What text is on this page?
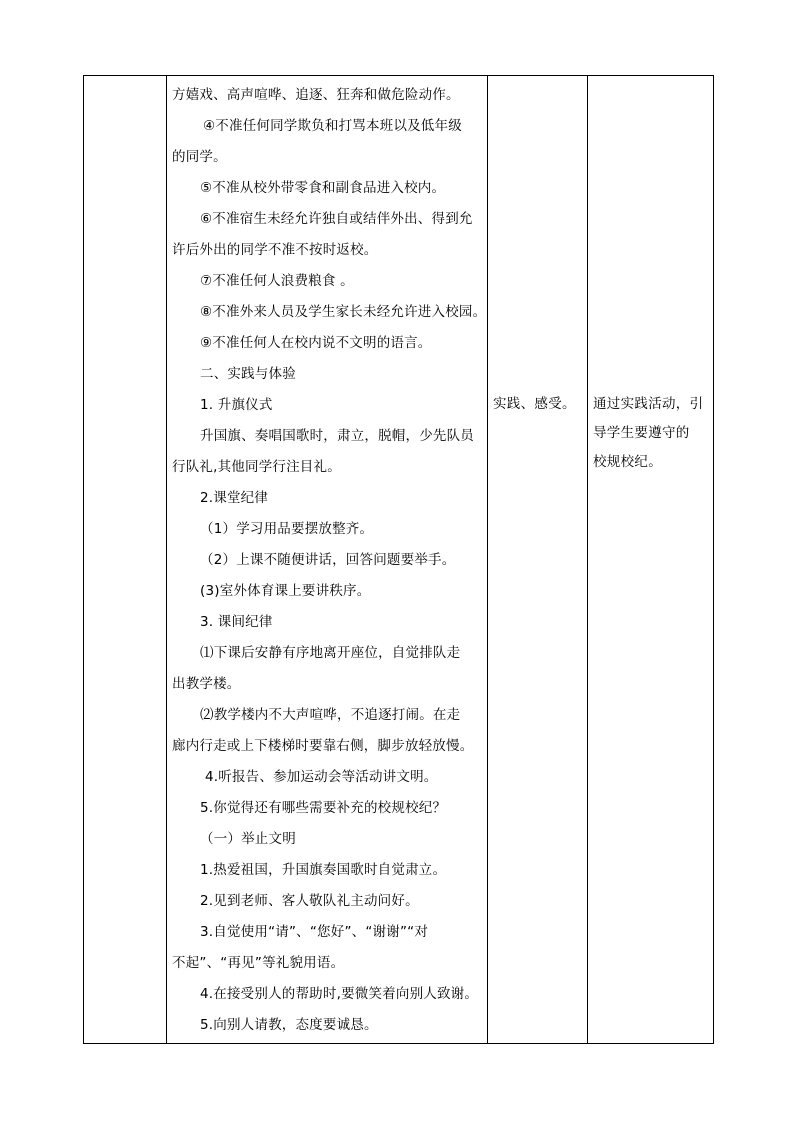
方嬉戏、高声喧哗、追逐、狂奔和做危险动作。
④不准任何同学欺负和打骂本班以及低年级
的同学。
⑤不准从校外带零食和副食品进入校内。
⑥不准宿生未经允许独自或结伴外出、得到允
许后外出的同学不准不按时返校。
⑦不准任何人浪费粮食 。
⑧不准外来人员及学生家长未经允许进入校园。
⑨不准任何人在校内说不文明的语言。
二、实践与体验
1. 升旗仪式
升国旗、奏唱国歌时，肃立，脱帽，少先队员
行队礼,其他同学行注目礼。
2.课堂纪律
（1）学习用品要摆放整齐。
（2）上课不随便讲话，回答问题要举手。
(3)室外体育课上要讲秩序。
3. 课间纪律
⑴下课后安静有序地离开座位，自觉排队走
出教学楼。
⑵教学楼内不大声喧哗，不追逐打闹。在走
廊内行走或上下楼梯时要靠右侧，脚步放轻放慢。
4.听报告、参加运动会等活动讲文明。
5.你觉得还有哪些需要补充的校规校纪？
（一）举止文明
1.热爱祖国，升国旗奏国歌时自觉肃立。
2.见到老师、客人敬队礼主动问好。
3.自觉使用“请”、“您好”、“谢谢”“对
不起”、“再见”等礼貌用语。
4.在接受别人的帮助时,要微笑着向别人致谢。
5.向别人请教，态度要诚恳。

实践、感受。	通过实践活动，引

导学生要遵守的

校规校纪。
